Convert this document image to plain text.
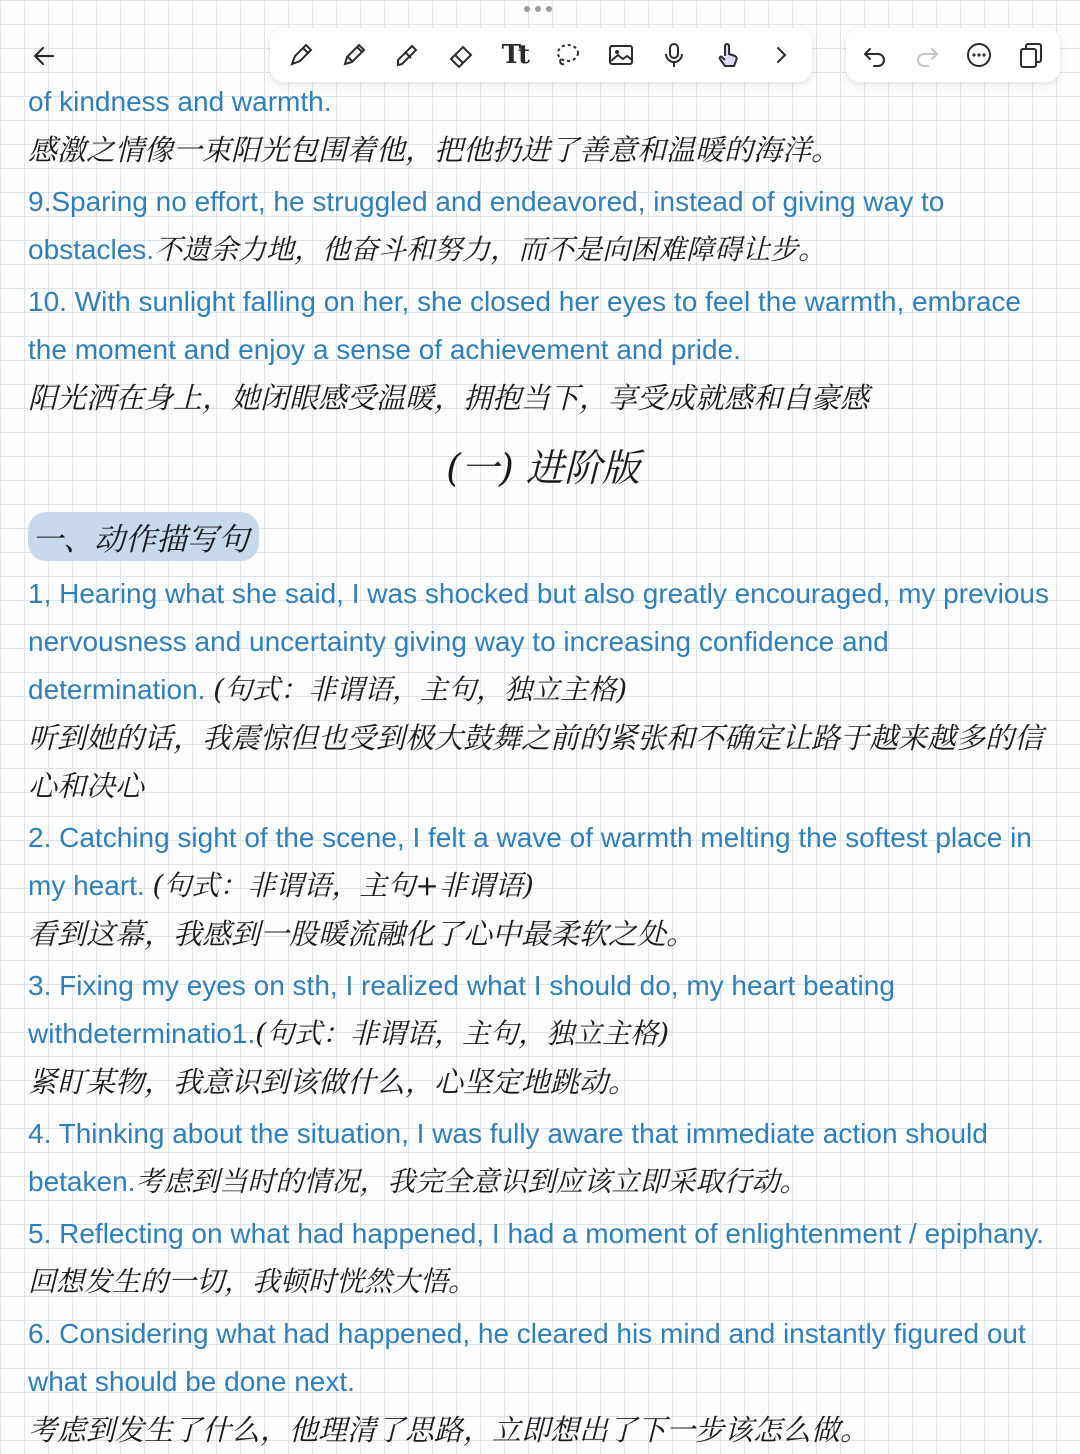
Tt

of kindness and warmth.

感激之情像一束阳光包围着他，把他扔进了善意和温暖的海洋。

9.Sparing no effort, he struggled and endeavored, instead of giving way to obstacles.不遗余力地，他奋斗和努力，而不是向困难障碍让步。

10. With sunlight falling on her, she closed her eyes to feel the warmth, embrace the moment and enjoy a sense of achievement and pride.

阳光洒在身上，她闭眼感受温暖，拥抱当下，享受成就感和自豪感

(一) 进阶版
一、动作描写句

1, Hearing what she said, I was shocked but also greatly encouraged, my previous nervousness and uncertainty giving way to increasing confidence and determination. (句式：非谓语，主句，独立主格)

听到她的话，我震惊但也受到极大鼓舞之前的紧张和不确定让路于越来越多的信心和决心

2. Catching sight of the scene, I felt a wave of warmth melting the softest place in my heart. (句式：非谓语，主句+非谓语)

看到这幕，我感到一股暖流融化了心中最柔软之处。

3. Fixing my eyes on sth, I realized what I should do, my heart beating withdeterminatio1.(句式：非谓语，主句，独立主格)

紧盯某物，我意识到该做什么，心坚定地跳动。

4. Thinking about the situation, I was fully aware that immediate action should betaken.考虑到当时的情况，我完全意识到应该立即采取行动。

5. Reflecting on what had happened, I had a moment of enlightenment / epiphany.回想发生的一切，我顿时恍然大悟。

6. Considering what had happened, he cleared his mind and instantly figured out what should be done next.

考虑到发生了什么，他理清了思路，立即想出了下一步该怎么做。
